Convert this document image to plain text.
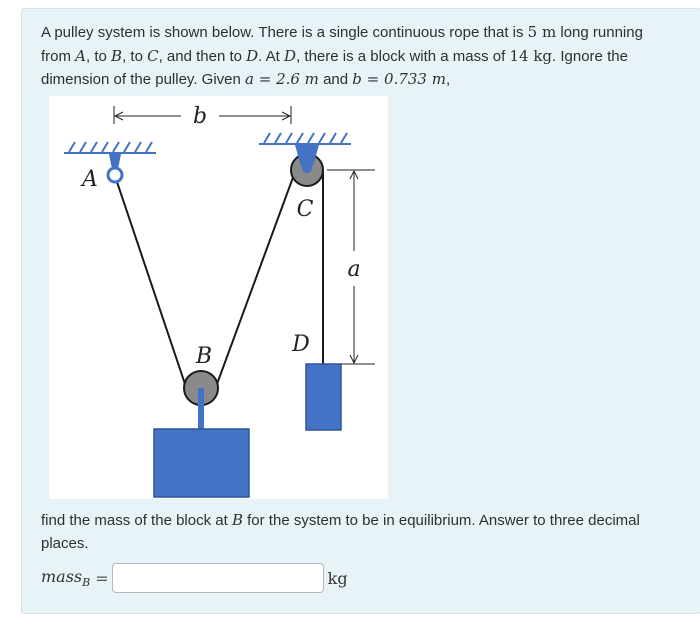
A pulley system is shown below. There is a single continuous rope that is 5 m long running from A, to B, to C, and then to D. At D, there is a block with a mass of 14 kg. Ignore the dimension of the pulley. Given a = 2.6 m and b = 0.733 m,
b
A
C
B	D
a
find the mass of the block at B for the system to be in equilibrium. Answer to three decimal places.
mass$_B$ =	kg
